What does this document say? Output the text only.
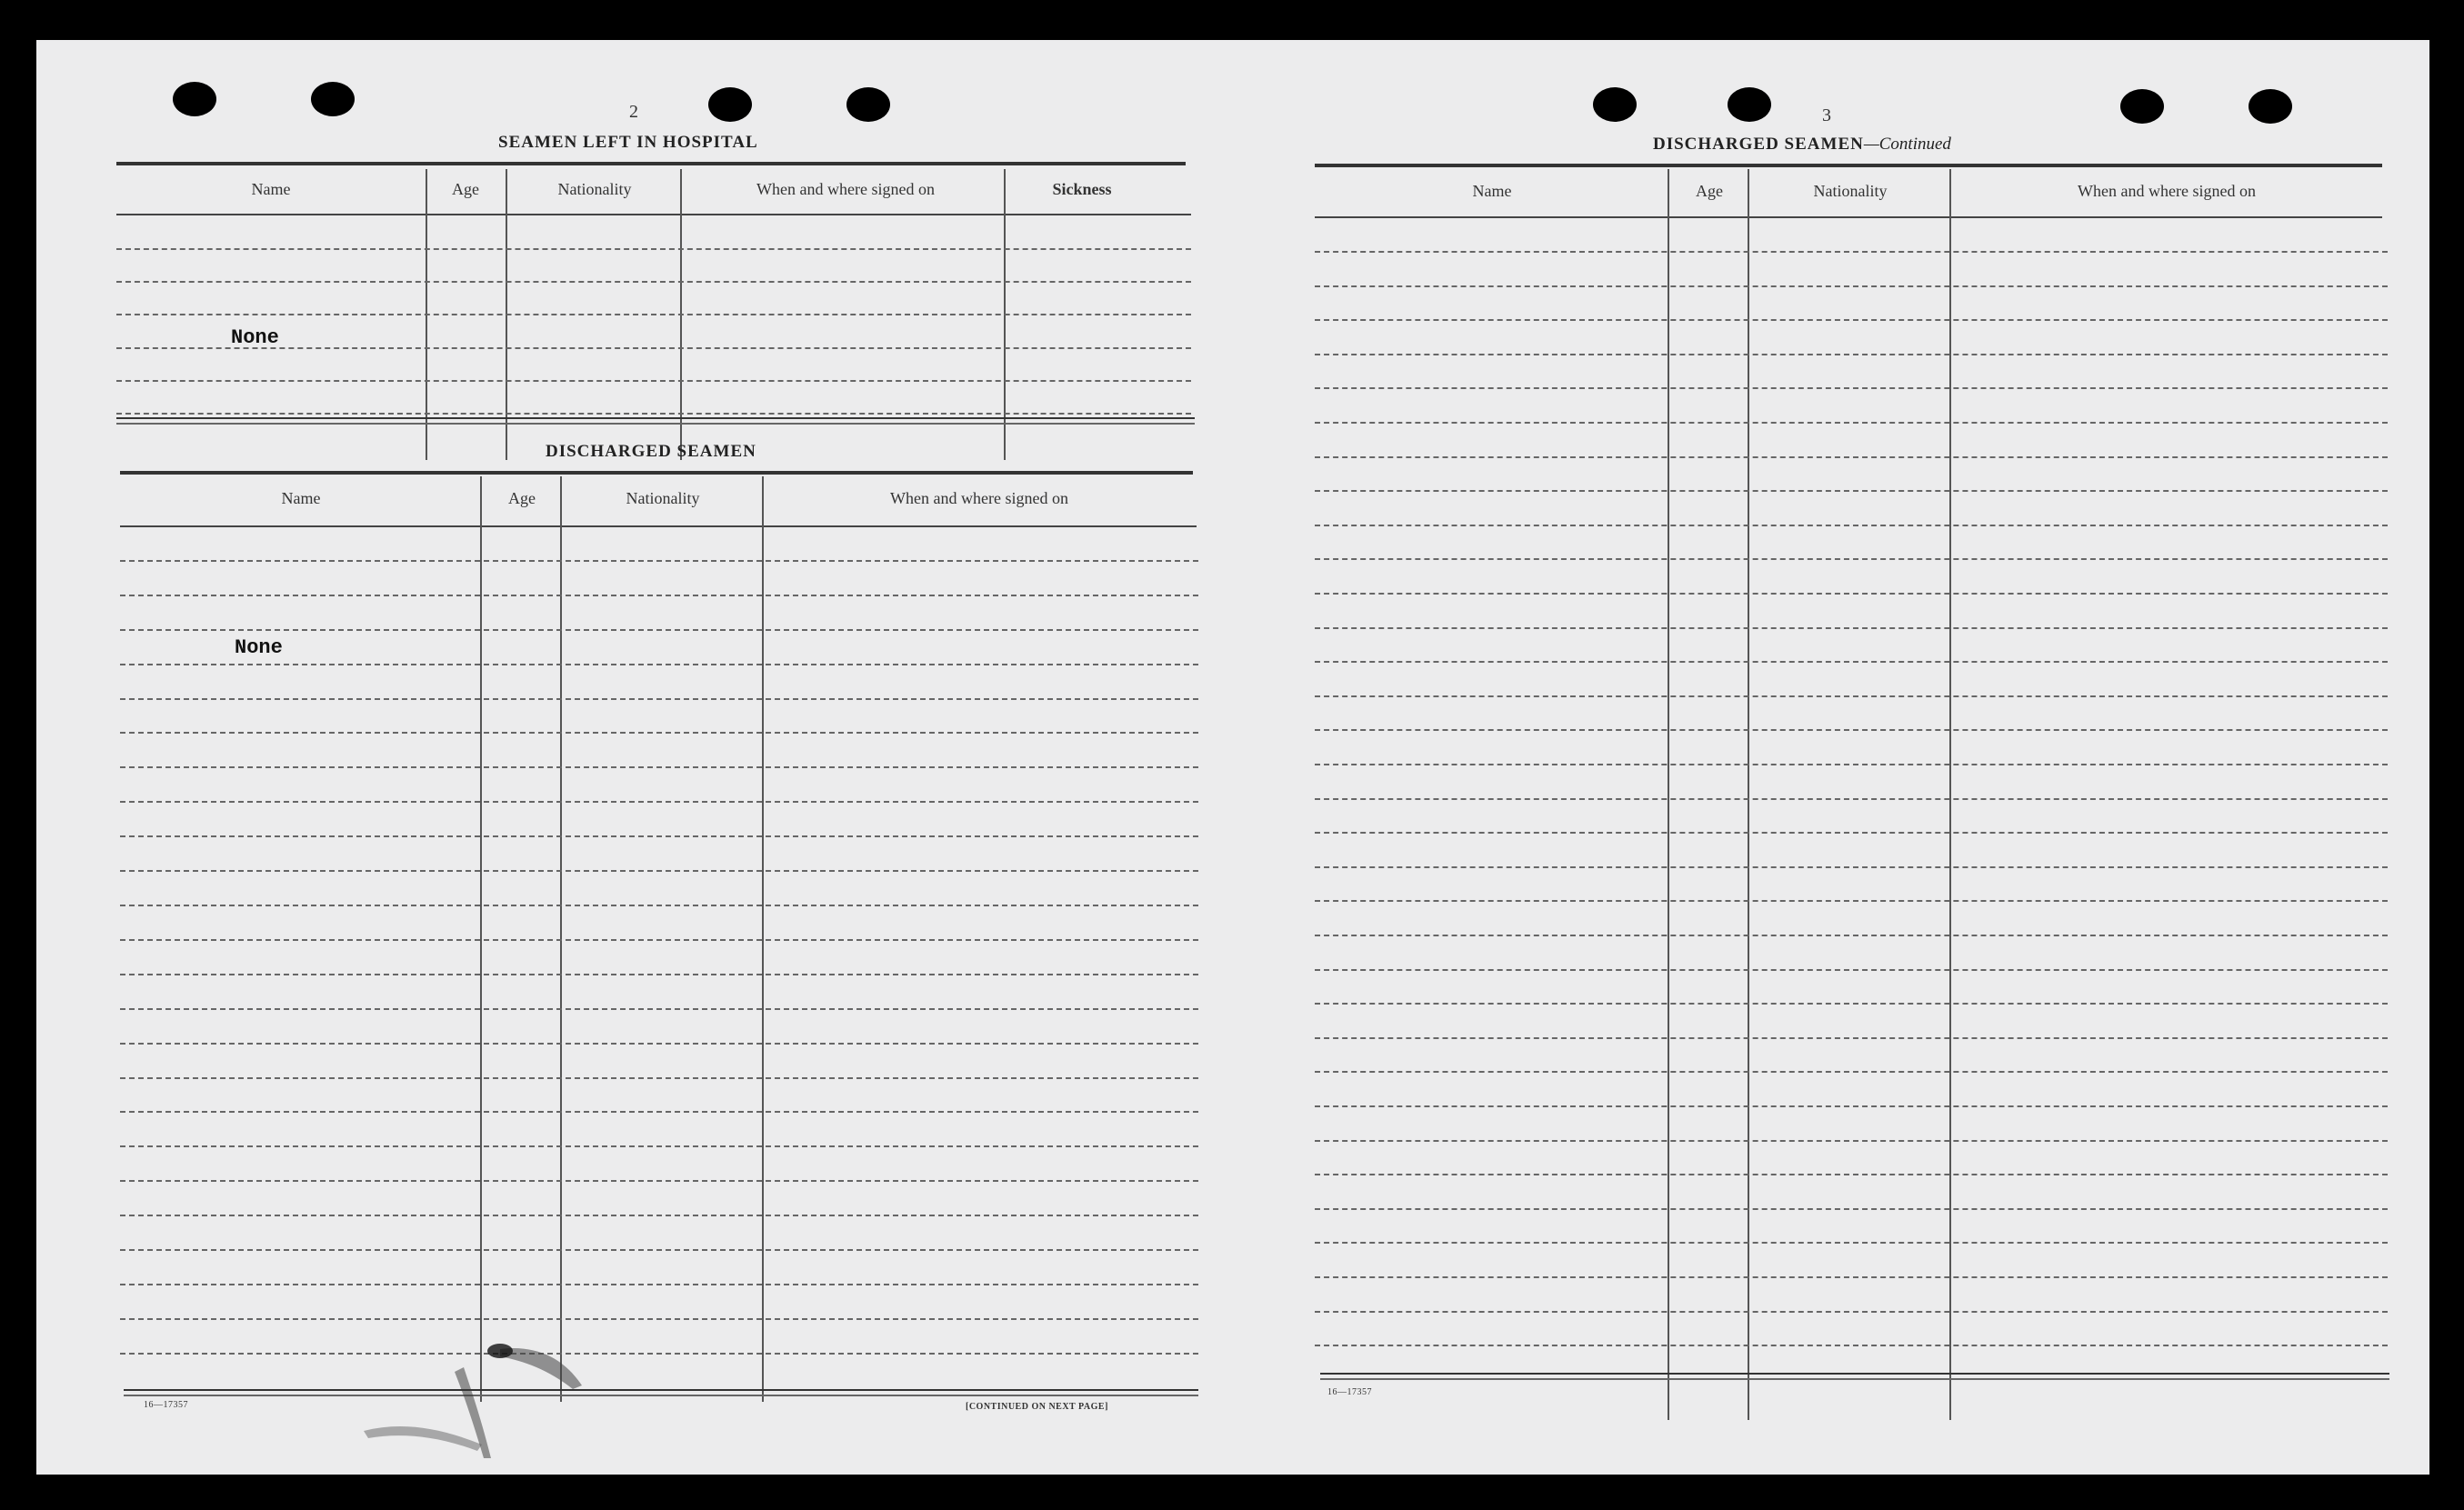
2
SEAMEN LEFT IN HOSPITAL
Name	Age	Nationality	When and where signed on	Sickness
None
DISCHARGED SEAMEN
Name	Age	Nationality	When and where signed on
None
16—17357	[CONTINUED ON NEXT PAGE]
3
DISCHARGED SEAMEN—Continued
Name	Age	Nationality	When and where signed on
16—17357
